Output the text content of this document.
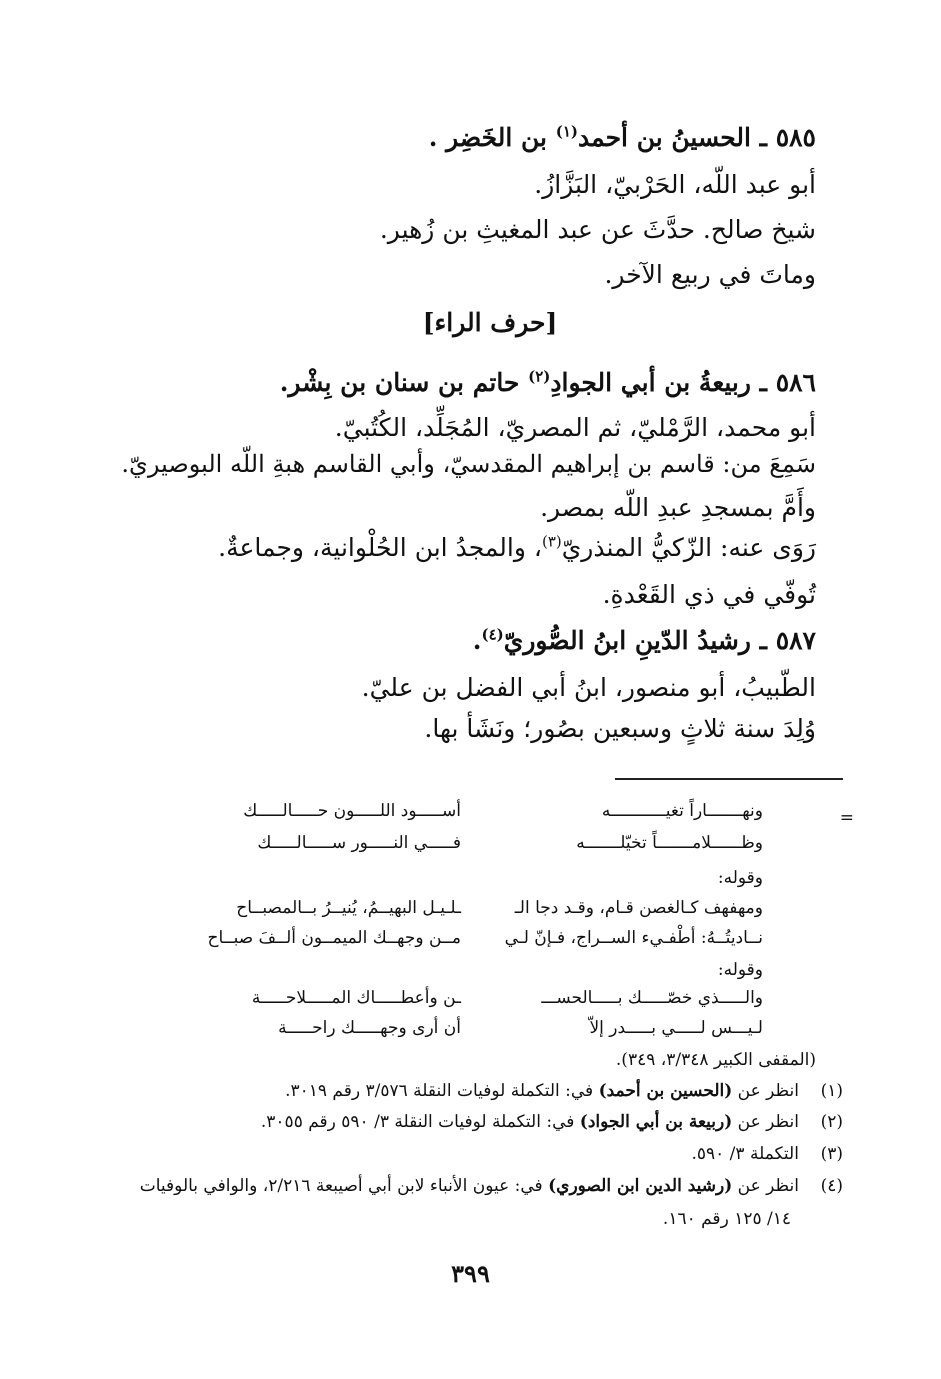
٥٨٥ ـ الحسينُ بن أحمد$^{(١)}$ بن الخَضِر .
أبو عبد اللّه، الحَرْبيّ، البَزَّازُ.
شيخ صالح. حدَّثَ عن عبد المغيثِ بن زُهير.
وماتَ في ربيع الآخر.
[حرف الراء]
٥٨٦ ـ ربيعةُ بن أبي الجوادِ$^{(٢)}$ حاتم بن سنان بن بِشْر.
أبو محمد، الرَّمْليّ، ثم المصريّ، المُجَلِّد، الكُتُبيّ.
سَمِعَ من: قاسم بن إبراهيم المقدسيّ، وأبي القاسم هبةِ اللّه البوصيريّ.
وأَمَّ بمسجدِ عبدِ اللّه بمصر.
رَوَى عنه: الزّكيُّ المنذريّ$^{(٣)}$، والمجدُ ابن الحُلْوانية، وجماعةٌ.
تُوفّي في ذي القَعْدةِ.
٥٨٧ ـ رشيدُ الدّينِ ابنُ الصُّوريّ$^{(٤)}$.
الطّبيبُ، أبو منصور، ابنُ أبي الفضل بن عليّ.
وُلِدَ سنة ثلاثٍ وسبعين بصُور؛ ونَشَأ بها.
=
ونهـــــــاراً تغيـــــــــــه
أســـــود اللـــــون حـــــالـــــك
وظــــــلامـــــــاً تخيّلـــــــه
فـــــي النـــــور ســـــالـــــك
وقوله:
ومهفهف كـالغصن قـام، وقـد دجا الـ
ـلـيـل البهيــمُ، يُنيــرُ بــالمصبــاح
نــاديتُــهُ: أطْفـيء الســراج، فـإنّ لـي
مــن وجهــك الميمــون ألــفَ صبــاح
وقوله:
والـــــذي خصّـــــك بـــــالحســـ
ـن وأعطـــــاك المـــــلاحـــــة
لـيـــس لـــــي بـــــدر إلاّ
أن أرى وجهـــــك راحـــــة
(المقفى الكبير ٣/٣٤٨، ٣٤٩).
(١)    انظر عن (الحسين بن أحمد) في: التكملة لوفيات النقلة ٣/٥٧٦ رقم ٣٠١٩.
(٢)    انظر عن (ربيعة بن أبي الجواد) في: التكملة لوفيات النقلة ٣/ ٥٩٠ رقم ٣٠٥٥.
(٣)    التكملة ٣/ ٥٩٠.
(٤)    انظر عن (رشيد الدين ابن الصوري) في: عيون الأنباء لابن أبي أصيبعة ٢/٢١٦، والوافي بالوفيات
١٤/ ١٢٥ رقم ١٦٠.
٣٩٩
